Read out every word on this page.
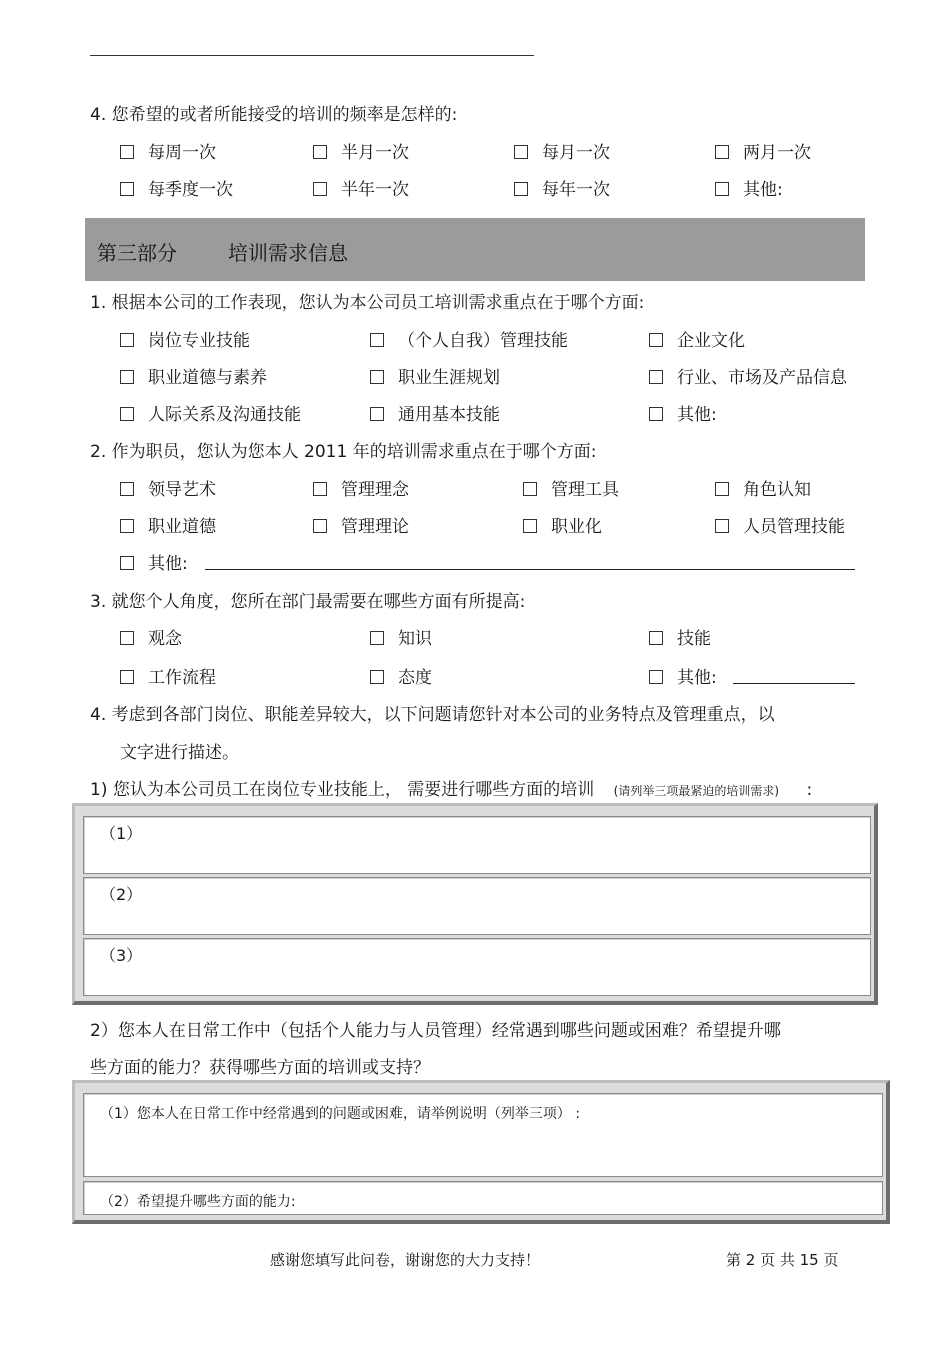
4. 您希望的或者所能接受的培训的频率是怎样的:
每周一次	半月一次	每月一次	两月一次
每季度一次	半年一次	每年一次	其他:
第三部分	培训需求信息
1. 根据本公司的工作表现，您认为本公司员工培训需求重点在于哪个方面:
岗位专业技能	（个人自我）管理技能	企业文化
职业道德与素养	职业生涯规划	行业、市场及产品信息
人际关系及沟通技能	通用基本技能	其他:
2. 作为职员，您认为您本人 2011 年的培训需求重点在于哪个方面:
领导艺术	管理理念	管理工具	角色认知
职业道德	管理理论	职业化	人员管理技能
其他:
3. 就您个人角度，您所在部门最需要在哪些方面有所提高:
观念	知识	技能
工作流程	态度	其他:
4. 考虑到各部门岗位、职能差异较大，以下问题请您针对本公司的业务特点及管理重点，以
文字进行描述。
1) 您认为本公司员工在岗位专业技能上， 需要进行哪些方面的培训 (请列举三项最紧迫的培训需求) :
（1）
（2）
（3）
2）您本人在日常工作中（包括个人能力与人员管理）经常遇到哪些问题或困难？希望提升哪
些方面的能力？获得哪些方面的培训或支持？
（1）您本人在日常工作中经常遇到的问题或困难，请举例说明（列举三项） :
（2）希望提升哪些方面的能力:
感谢您填写此问卷，谢谢您的大力支持！	第 2 页 共 15 页
